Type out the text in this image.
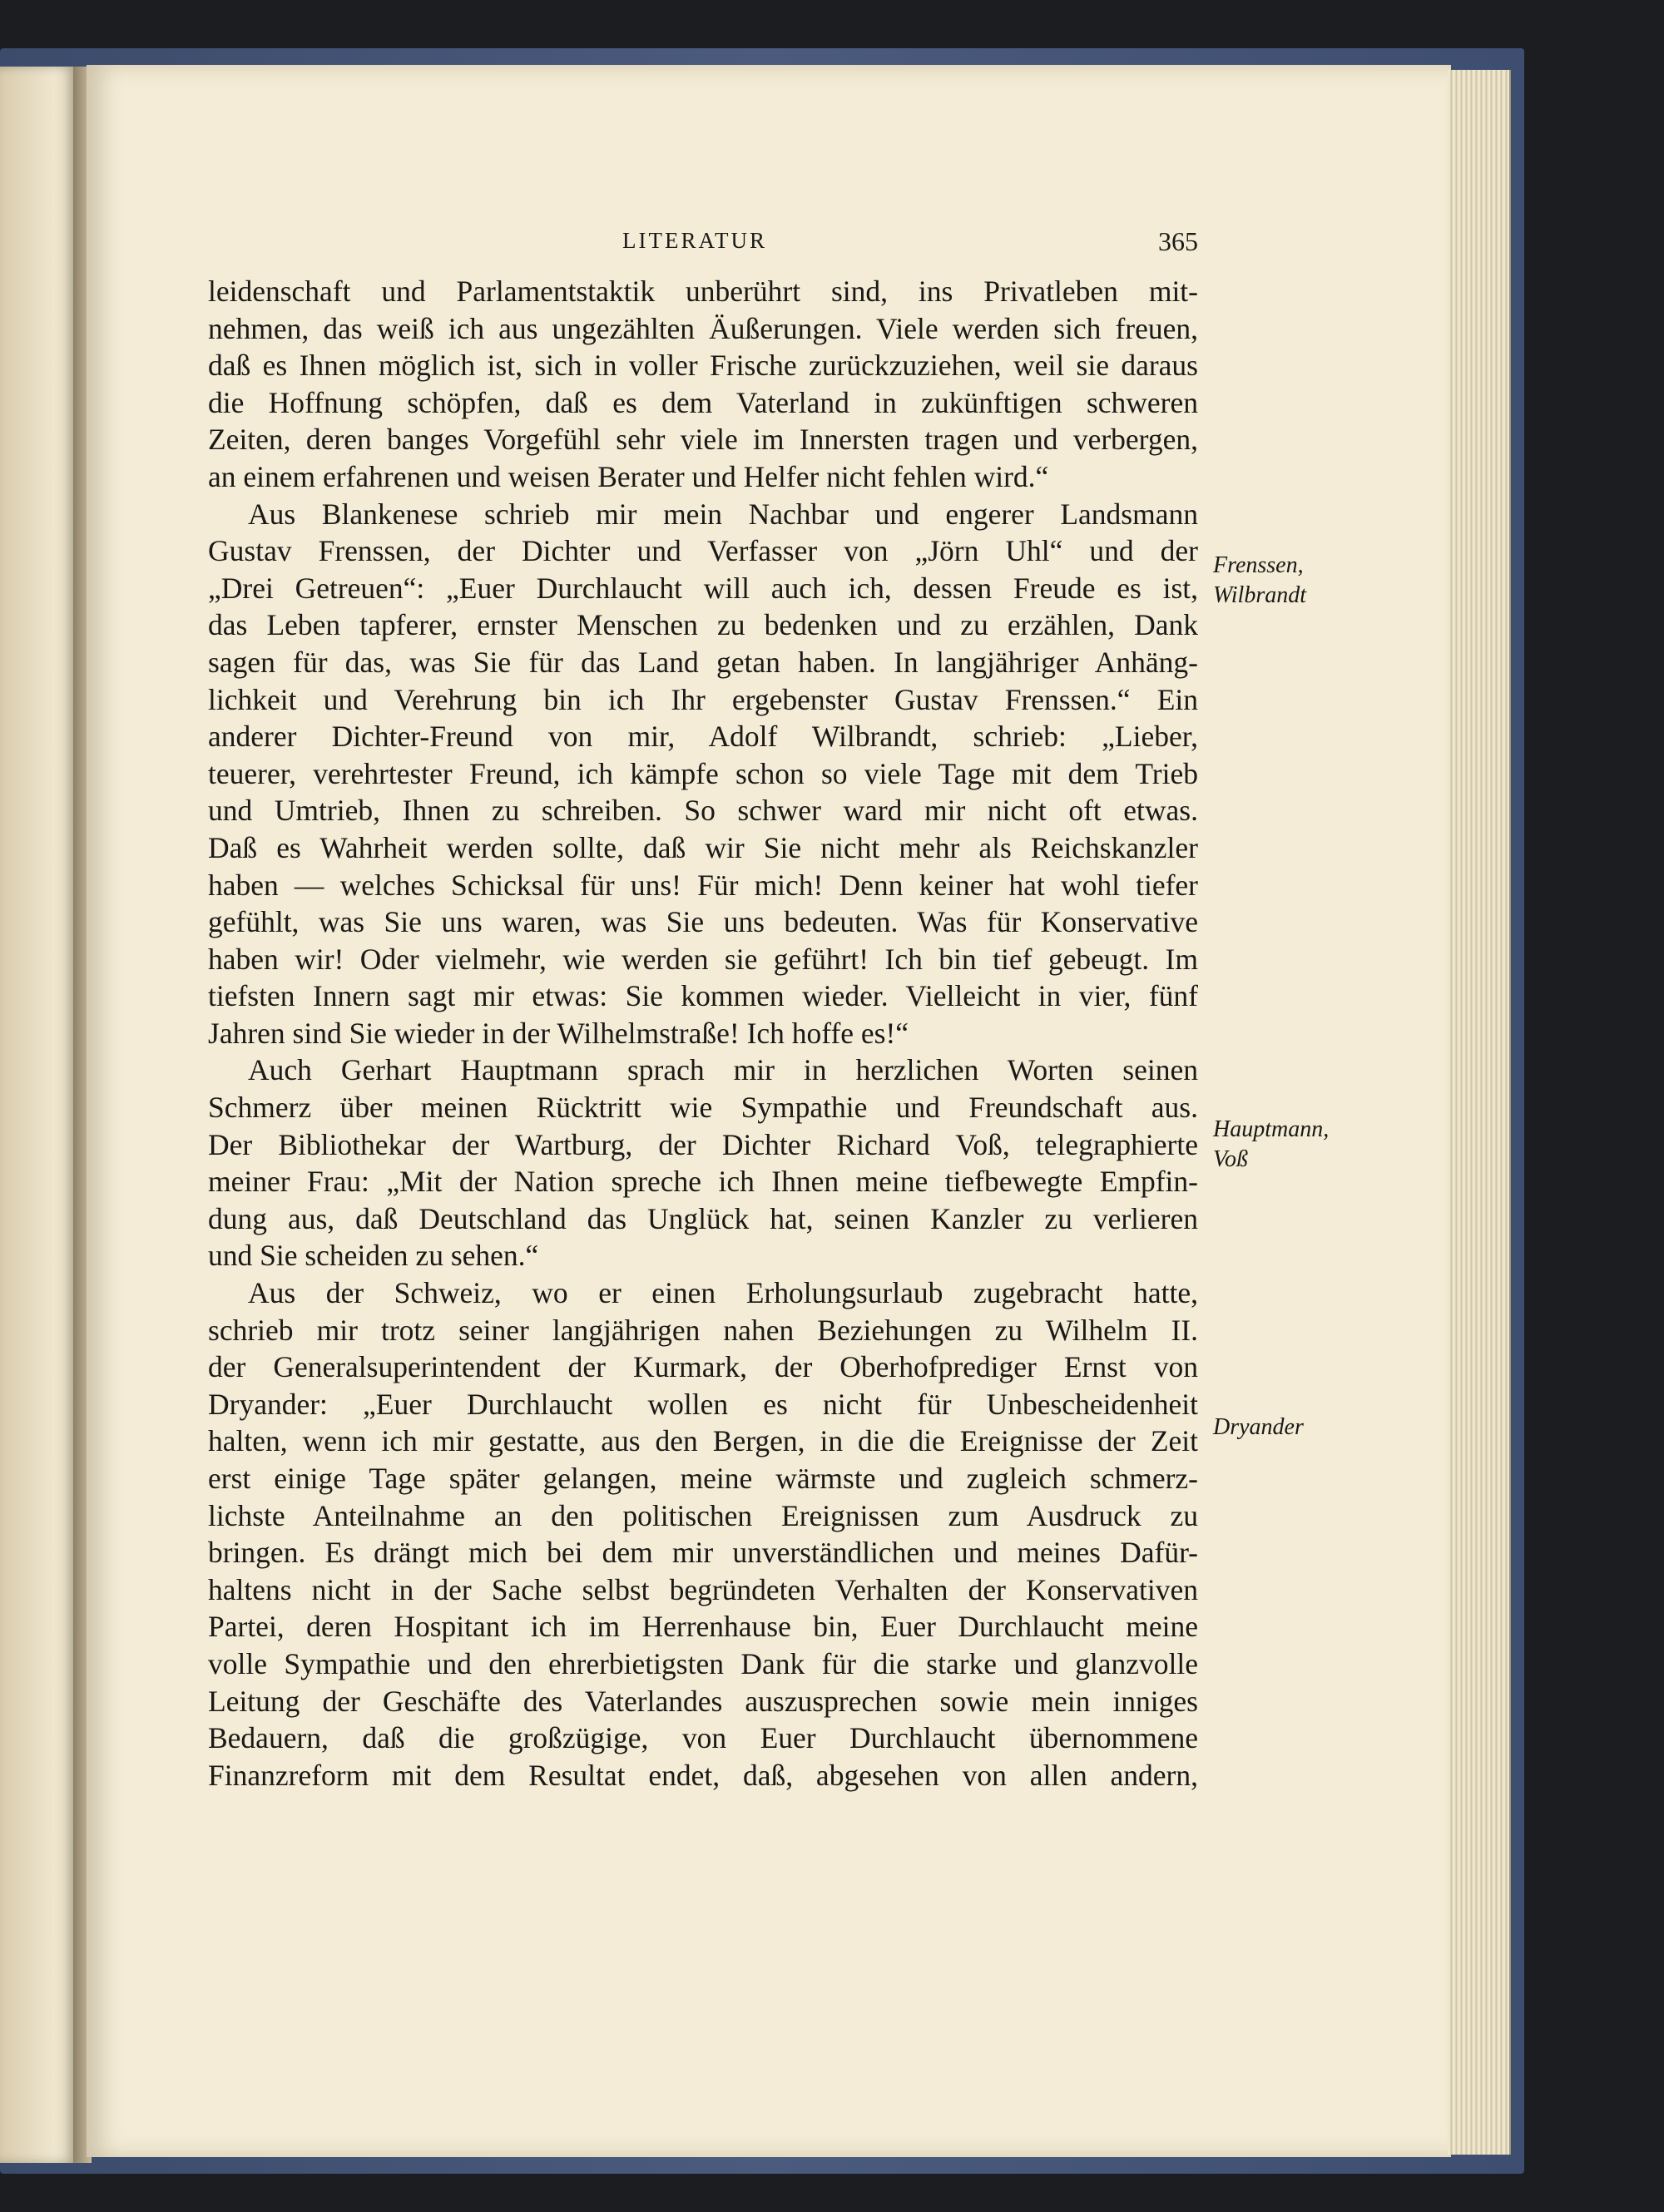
LITERATUR	365
leidenschaft und Parlamentstaktik unberührt sind, ins Privatleben mit-
nehmen, das weiß ich aus ungezählten Äußerungen. Viele werden sich freuen,
daß es Ihnen möglich ist, sich in voller Frische zurückzuziehen, weil sie daraus
die Hoffnung schöpfen, daß es dem Vaterland in zukünftigen schweren
Zeiten, deren banges Vorgefühl sehr viele im Innersten tragen und verbergen,
an einem erfahrenen und weisen Berater und Helfer nicht fehlen wird.“
Aus Blankenese schrieb mir mein Nachbar und engerer Landsmann
Gustav Frenssen, der Dichter und Verfasser von „Jörn Uhl“ und der
„Drei Getreuen“: „Euer Durchlaucht will auch ich, dessen Freude es ist,
das Leben tapferer, ernster Menschen zu bedenken und zu erzählen, Dank
sagen für das, was Sie für das Land getan haben. In langjähriger Anhäng-
lichkeit und Verehrung bin ich Ihr ergebenster Gustav Frenssen.“ Ein
anderer Dichter-Freund von mir, Adolf Wilbrandt, schrieb: „Lieber,
teuerer, verehrtester Freund, ich kämpfe schon so viele Tage mit dem Trieb
und Umtrieb, Ihnen zu schreiben. So schwer ward mir nicht oft etwas.
Daß es Wahrheit werden sollte, daß wir Sie nicht mehr als Reichskanzler
haben — welches Schicksal für uns! Für mich! Denn keiner hat wohl tiefer
gefühlt, was Sie uns waren, was Sie uns bedeuten. Was für Konservative
haben wir! Oder vielmehr, wie werden sie geführt! Ich bin tief gebeugt. Im
tiefsten Innern sagt mir etwas: Sie kommen wieder. Vielleicht in vier, fünf
Jahren sind Sie wieder in der Wilhelmstraße! Ich hoffe es!“
Auch Gerhart Hauptmann sprach mir in herzlichen Worten seinen
Schmerz über meinen Rücktritt wie Sympathie und Freundschaft aus.
Der Bibliothekar der Wartburg, der Dichter Richard Voß, telegraphierte
meiner Frau: „Mit der Nation spreche ich Ihnen meine tiefbewegte Empfin-
dung aus, daß Deutschland das Unglück hat, seinen Kanzler zu verlieren
und Sie scheiden zu sehen.“
Aus der Schweiz, wo er einen Erholungsurlaub zugebracht hatte,
schrieb mir trotz seiner langjährigen nahen Beziehungen zu Wilhelm II.
der Generalsuperintendent der Kurmark, der Oberhofprediger Ernst von
Dryander: „Euer Durchlaucht wollen es nicht für Unbescheidenheit
halten, wenn ich mir gestatte, aus den Bergen, in die die Ereignisse der Zeit
erst einige Tage später gelangen, meine wärmste und zugleich schmerz-
lichste Anteilnahme an den politischen Ereignissen zum Ausdruck zu
bringen. Es drängt mich bei dem mir unverständlichen und meines Dafür-
haltens nicht in der Sache selbst begründeten Verhalten der Konservativen
Partei, deren Hospitant ich im Herrenhause bin, Euer Durchlaucht meine
volle Sympathie und den ehrerbietigsten Dank für die starke und glanzvolle
Leitung der Geschäfte des Vaterlandes auszusprechen sowie mein inniges
Bedauern, daß die großzügige, von Euer Durchlaucht übernommene
Finanzreform mit dem Resultat endet, daß, abgesehen von allen andern,
Frenssen,
Wilbrandt
Hauptmann,
Voß
Dryander
